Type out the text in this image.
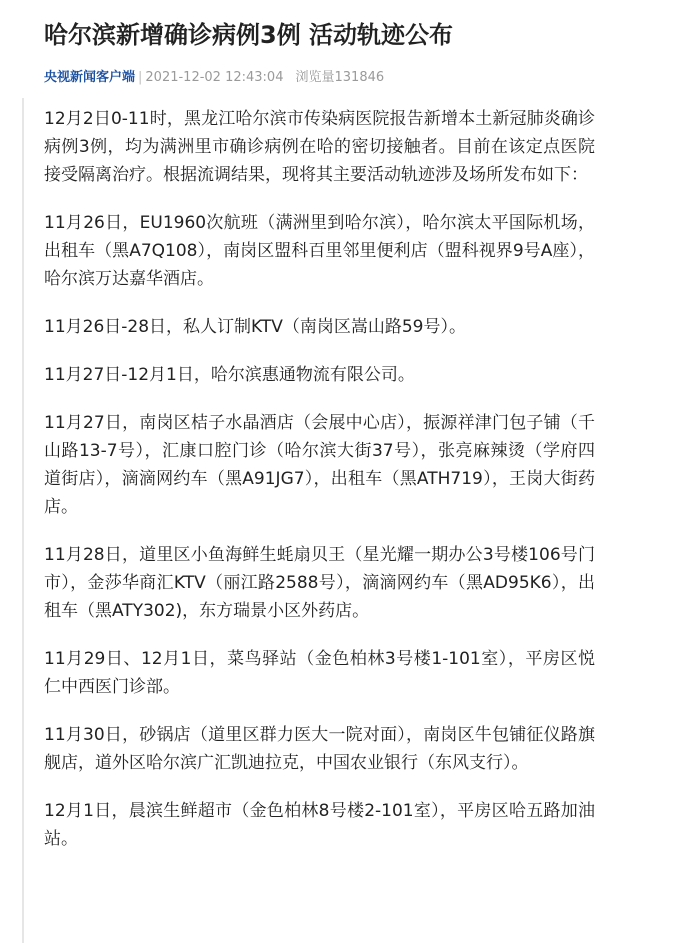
哈尔滨新增确诊病例3例 活动轨迹公布
央视新闻客户端 | 2021-12-02 12:43:04 浏览量131846

12月2日0-11时，黑龙江哈尔滨市传染病医院报告新增本土新冠肺炎确诊病例3例，均为满洲里市确诊病例在哈的密切接触者。目前在该定点医院接受隔离治疗。根据流调结果，现将其主要活动轨迹涉及场所发布如下：

11月26日，EU1960次航班（满洲里到哈尔滨），哈尔滨太平国际机场，出租车（黑A7Q108），南岗区盟科百里邻里便利店（盟科视界9号A座），哈尔滨万达嘉华酒店。

11月26日-28日，私人订制KTV（南岗区嵩山路59号）。

11月27日-12月1日，哈尔滨惠通物流有限公司。

11月27日，南岗区桔子水晶酒店（会展中心店），振源祥津门包子铺（千山路13-7号），汇康口腔门诊（哈尔滨大街37号），张亮麻辣烫（学府四道街店），滴滴网约车（黑A91JG7），出租车（黑ATH719），王岗大街药店。

11月28日，道里区小鱼海鲜生蚝扇贝王（星光耀一期办公3号楼106号门市），金莎华商汇KTV（丽江路2588号），滴滴网约车（黑AD95K6），出租车（黑ATY302)，东方瑞景小区外药店。

11月29日、12月1日，菜鸟驿站（金色柏林3号楼1-101室），平房区悦仁中西医门诊部。

11月30日，砂锅店（道里区群力医大一院对面），南岗区牛包铺征仪路旗舰店，道外区哈尔滨广汇凯迪拉克，中国农业银行（东风支行）。

12月1日，晨滨生鲜超市（金色柏林8号楼2-101室），平房区哈五路加油站。
